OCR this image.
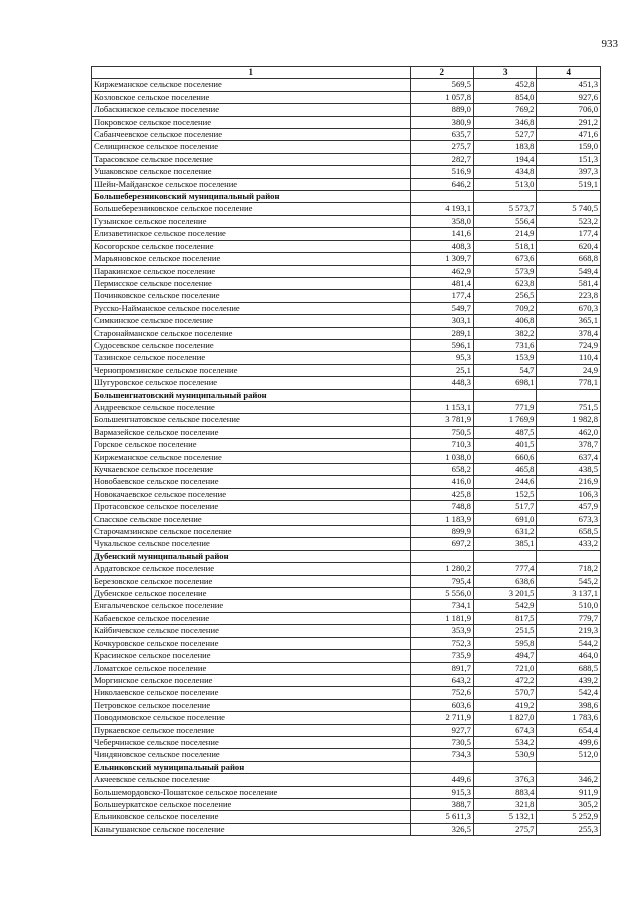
933
1	2	3	4
Киржеманское сельское поселение	569,5	452,8	451,3
Козловское сельское поселение	1 057,8	854,0	927,6
Лобаскинское сельское поселение	889,0	769,2	706,0
Покровское сельское поселение	380,9	346,8	291,2
Сабанчеевское сельское поселение	635,7	527,7	471,6
Селищинское сельское поселение	275,7	183,8	159,0
Тарасовское сельское поселение	282,7	194,4	151,3
Ушаковское сельское поселение	516,9	434,8	397,3
Шейн-Майданское сельское поселение	646,2	513,0	519,1
Большеберезниковский муниципальный район			
Большеберезниковское сельское поселение	4 193,1	5 573,7	5 740,5
Гузынское сельское поселение	358,0	556,4	523,2
Елизаветинское сельское поселение	141,6	214,9	177,4
Косогорское сельское поселение	408,3	518,1	620,4
Марьяновское сельское поселение	1 309,7	673,6	668,8
Паракинское сельское поселение	462,9	573,9	549,4
Пермисское сельское поселение	481,4	623,8	581,4
Починковское сельское поселение	177,4	256,5	223,8
Русско-Найманское сельское поселение	549,7	709,2	670,3
Симкинское сельское поселение	303,1	406,8	365,1
Старонайманское сельское поселение	289,1	382,2	378,4
Судосевское сельское поселение	596,1	731,6	724,9
Тазинское сельское поселение	95,3	153,9	110,4
Чернопромзинское сельское поселение	25,1	54,7	24,9
Шугуровское сельское поселение	448,3	698,1	778,1
Большеигнатовский муниципальный район			
Андреевское сельское поселение	1 153,1	771,9	751,5
Большеигнатовское сельское поселение	3 781,9	1 769,9	1 982,8
Вармазейское сельское поселение	750,5	487,5	462,0
Горское сельское поселение	710,3	401,5	378,7
Киржеманское сельское поселение	1 038,0	660,6	637,4
Кучкаевское сельское поселение	658,2	465,8	438,5
Новобаевское сельское поселение	416,0	244,6	216,9
Новокачаевское сельское поселение	425,8	152,5	106,3
Протасовское сельское поселение	748,8	517,7	457,9
Спасское сельское поселение	1 183,9	691,0	673,3
Старочамзинское сельское поселение	899,9	631,2	658,5
Чукальское сельское поселение	697,2	385,1	433,2
Дубенский муниципальный район			
Ардатовское сельское поселение	1 280,2	777,4	718,2
Березовское сельское поселение	795,4	638,6	545,2
Дубенское сельское поселение	5 556,0	3 201,5	3 137,1
Енгалычевское сельское поселение	734,1	542,9	510,0
Кабаевское сельское поселение	1 181,9	817,5	779,7
Кайбичевское сельское поселение	353,9	251,5	219,3
Кочкуровское сельское поселение	752,3	595,8	544,2
Красинское сельское поселение	735,9	494,7	464,0
Ломатское сельское поселение	891,7	721,0	688,5
Моргинское сельское поселение	643,2	472,2	439,2
Николаевское сельское поселение	752,6	570,7	542,4
Петровское сельское поселение	603,6	419,2	398,6
Поводимовское сельское поселение	2 711,9	1 827,0	1 783,6
Пуркаевское сельское поселение	927,7	674,3	654,4
Чеберчинское сельское поселение	730,5	534,2	499,6
Чиндяновское сельское поселение	734,3	530,9	512,0
Ельниковский муниципальный район			
Акчеевское сельское поселение	449,6	376,3	346,2
Большемордовско-Пошатское сельское поселение	915,3	883,4	911,9
Большеуркатское сельское поселение	388,7	321,8	305,2
Ельниковское сельское поселение	5 611,3	5 132,1	5 252,9
Каньгушанское сельское поселение	326,5	275,7	255,3
